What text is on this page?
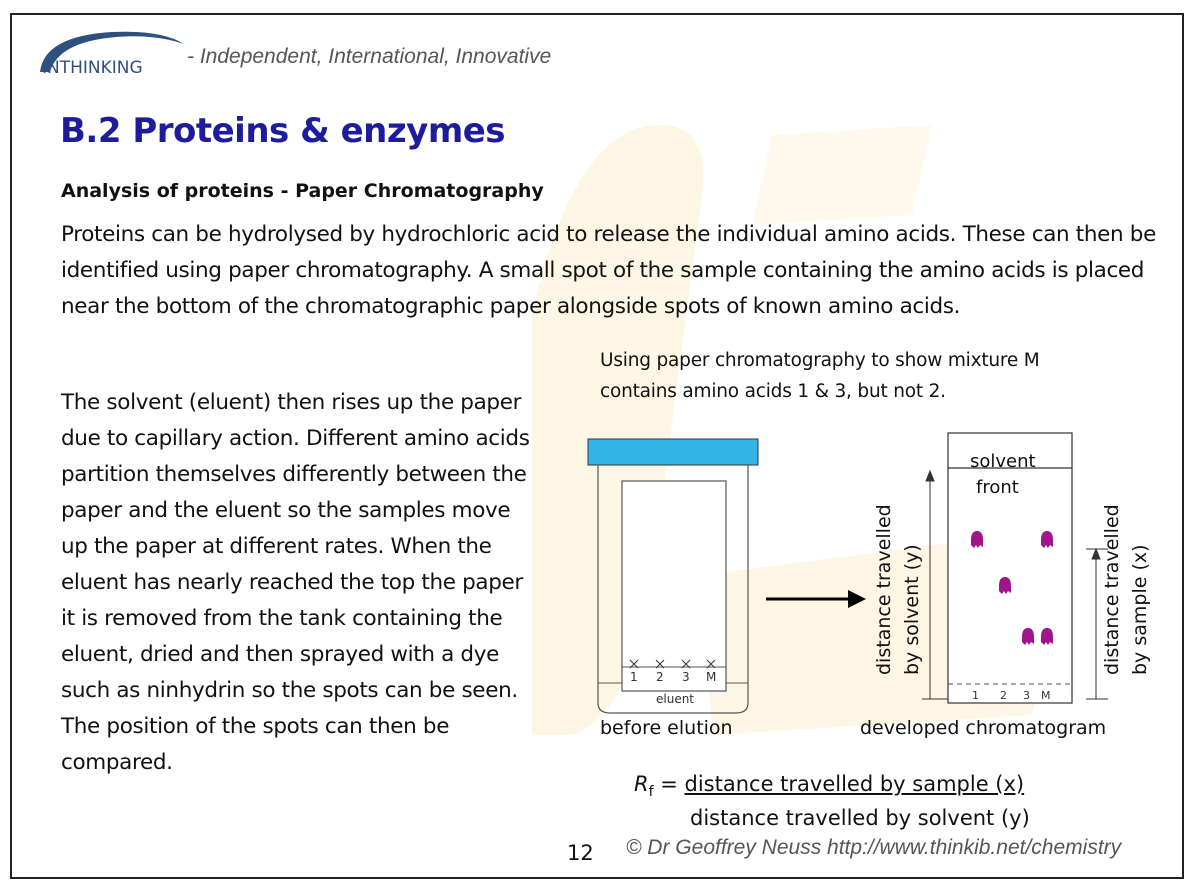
INTHINKING - Independent, International, Innovative
B.2 Proteins & enzymes
Analysis of proteins - Paper Chromatography
Proteins can be hydrolysed by hydrochloric acid to release the individual amino acids. These can then be identified using paper chromatography. A small spot of the sample containing the amino acids is placed near the bottom of the chromatographic paper alongside spots of known amino acids.
The solvent (eluent) then rises up the paper due to capillary action. Different amino acids partition themselves differently between the paper and the eluent so the samples move up the paper at different rates. When the eluent has nearly reached the top the paper it is removed from the tank containing the eluent, dried and then sprayed with a dye such as ninhydrin so the spots can be seen. The position of the spots can then be compared.
Using paper chromatography to show mixture M contains amino acids 1 & 3, but not 2.
1 2 3 M
eluent
before elution
1 2 3 M
solvent
front
distance travelled by solvent (y)	distance travelled by sample (x)
developed chromatogram
$R_f$ = distance travelled by sample (x)
distance travelled by solvent (y)
12 © Dr Geoffrey Neuss http://www.thinkib.net/chemistry
